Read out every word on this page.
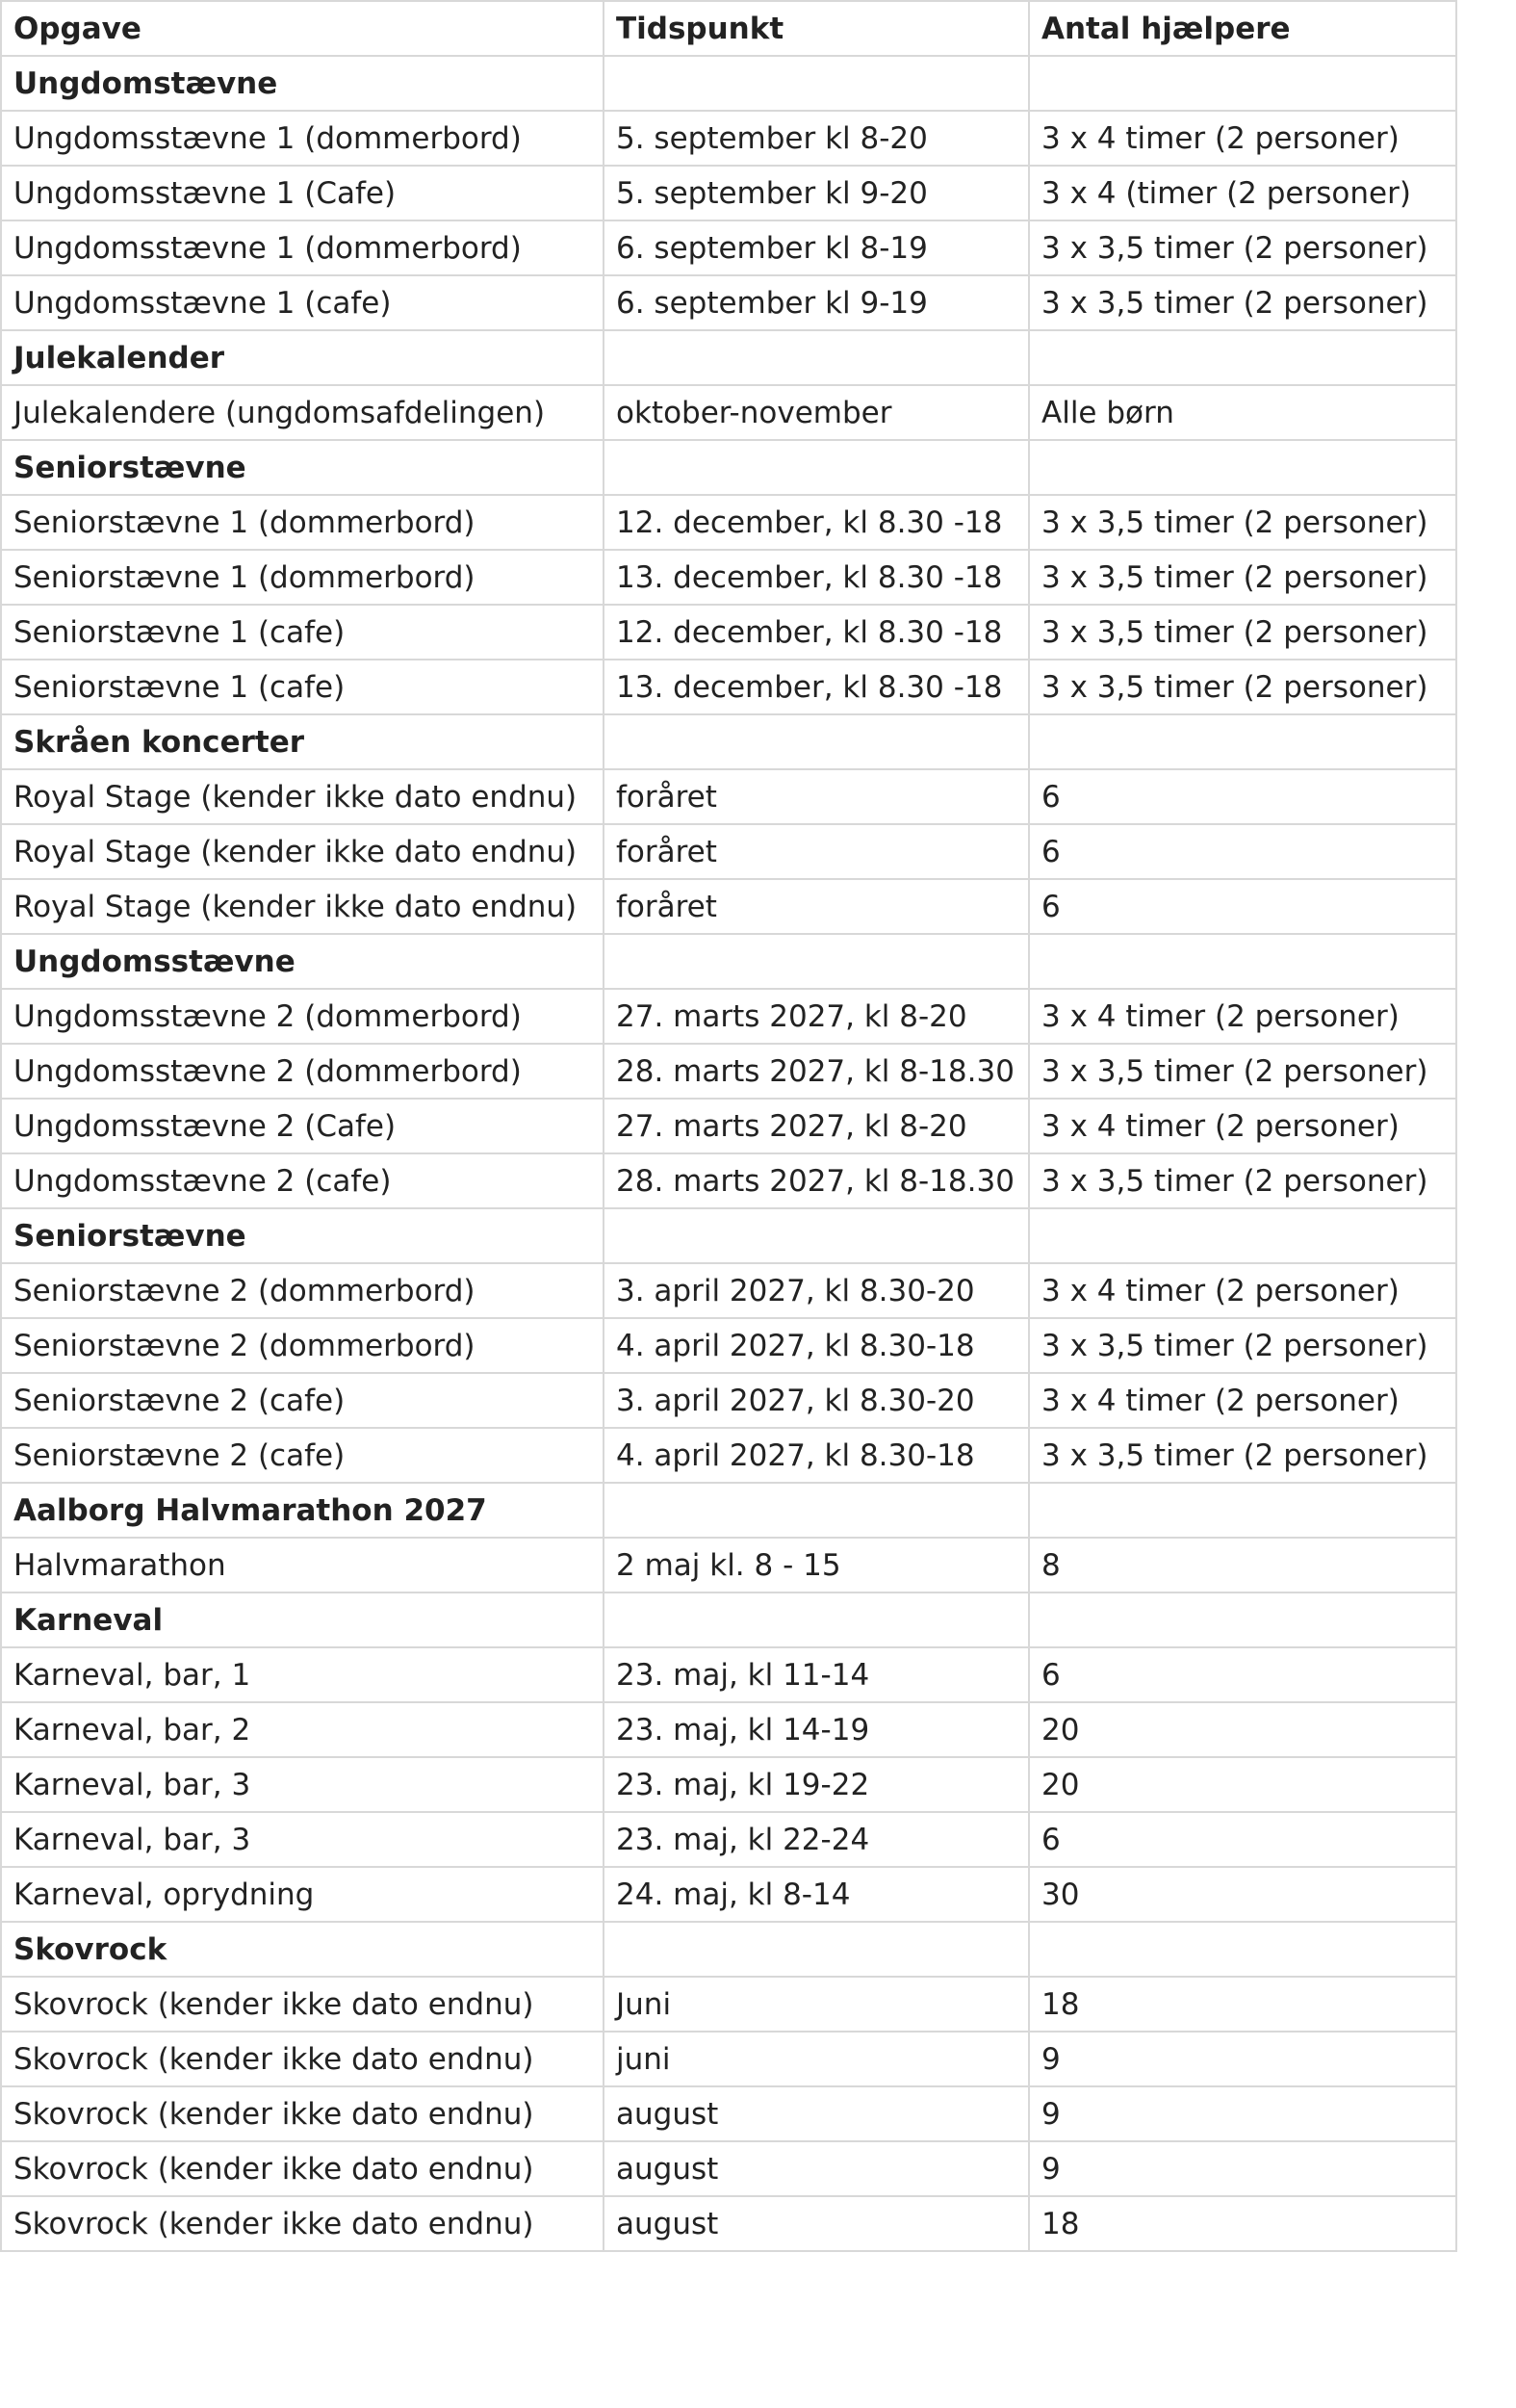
Opgave	Tidspunkt	Antal hjælpere
Ungdomstævne		
Ungdomsstævne 1 (dommerbord)	5. september kl 8-20	3 x 4 timer (2 personer)
Ungdomsstævne 1 (Cafe)	5. september kl 9-20	3 x 4 (timer (2 personer)
Ungdomsstævne 1 (dommerbord)	6. september kl 8-19	3 x 3,5 timer (2 personer)
Ungdomsstævne 1 (cafe)	6. september kl 9-19	3 x 3,5 timer (2 personer)
Julekalender		
Julekalendere (ungdomsafdelingen)	oktober-november	Alle børn
Seniorstævne		
Seniorstævne 1 (dommerbord)	12. december, kl 8.30 -18	3 x 3,5 timer (2 personer)
Seniorstævne 1 (dommerbord)	13. december, kl 8.30 -18	3 x 3,5 timer (2 personer)
Seniorstævne 1 (cafe)	12. december, kl 8.30 -18	3 x 3,5 timer (2 personer)
Seniorstævne 1 (cafe)	13. december, kl 8.30 -18	3 x 3,5 timer (2 personer)
Skråen koncerter		
Royal Stage (kender ikke dato endnu)	foråret	6
Royal Stage (kender ikke dato endnu)	foråret	6
Royal Stage (kender ikke dato endnu)	foråret	6
Ungdomsstævne		
Ungdomsstævne 2 (dommerbord)	27. marts 2027, kl 8-20	3 x 4 timer (2 personer)
Ungdomsstævne 2 (dommerbord)	28. marts 2027, kl 8-18.30	3 x 3,5 timer (2 personer)
Ungdomsstævne 2 (Cafe)	27. marts 2027, kl 8-20	3 x 4 timer (2 personer)
Ungdomsstævne 2 (cafe)	28. marts 2027, kl 8-18.30	3 x 3,5 timer (2 personer)
Seniorstævne		
Seniorstævne 2 (dommerbord)	3. april 2027, kl 8.30-20	3 x 4 timer (2 personer)
Seniorstævne 2 (dommerbord)	4. april 2027, kl 8.30-18	3 x 3,5 timer (2 personer)
Seniorstævne 2 (cafe)	3. april 2027, kl 8.30-20	3 x 4 timer (2 personer)
Seniorstævne 2 (cafe)	4. april 2027, kl 8.30-18	3 x 3,5 timer (2 personer)
Aalborg Halvmarathon 2027		
Halvmarathon	2 maj kl. 8 - 15	8
Karneval		
Karneval, bar, 1	23. maj, kl 11-14	6
Karneval, bar, 2	23. maj, kl 14-19	20
Karneval, bar, 3	23. maj, kl 19-22	20
Karneval, bar, 3	23. maj, kl 22-24	6
Karneval, oprydning	24. maj, kl 8-14	30
Skovrock		
Skovrock (kender ikke dato endnu)	Juni	18
Skovrock (kender ikke dato endnu)	juni	9
Skovrock (kender ikke dato endnu)	august	9
Skovrock (kender ikke dato endnu)	august	9
Skovrock (kender ikke dato endnu)	august	18
